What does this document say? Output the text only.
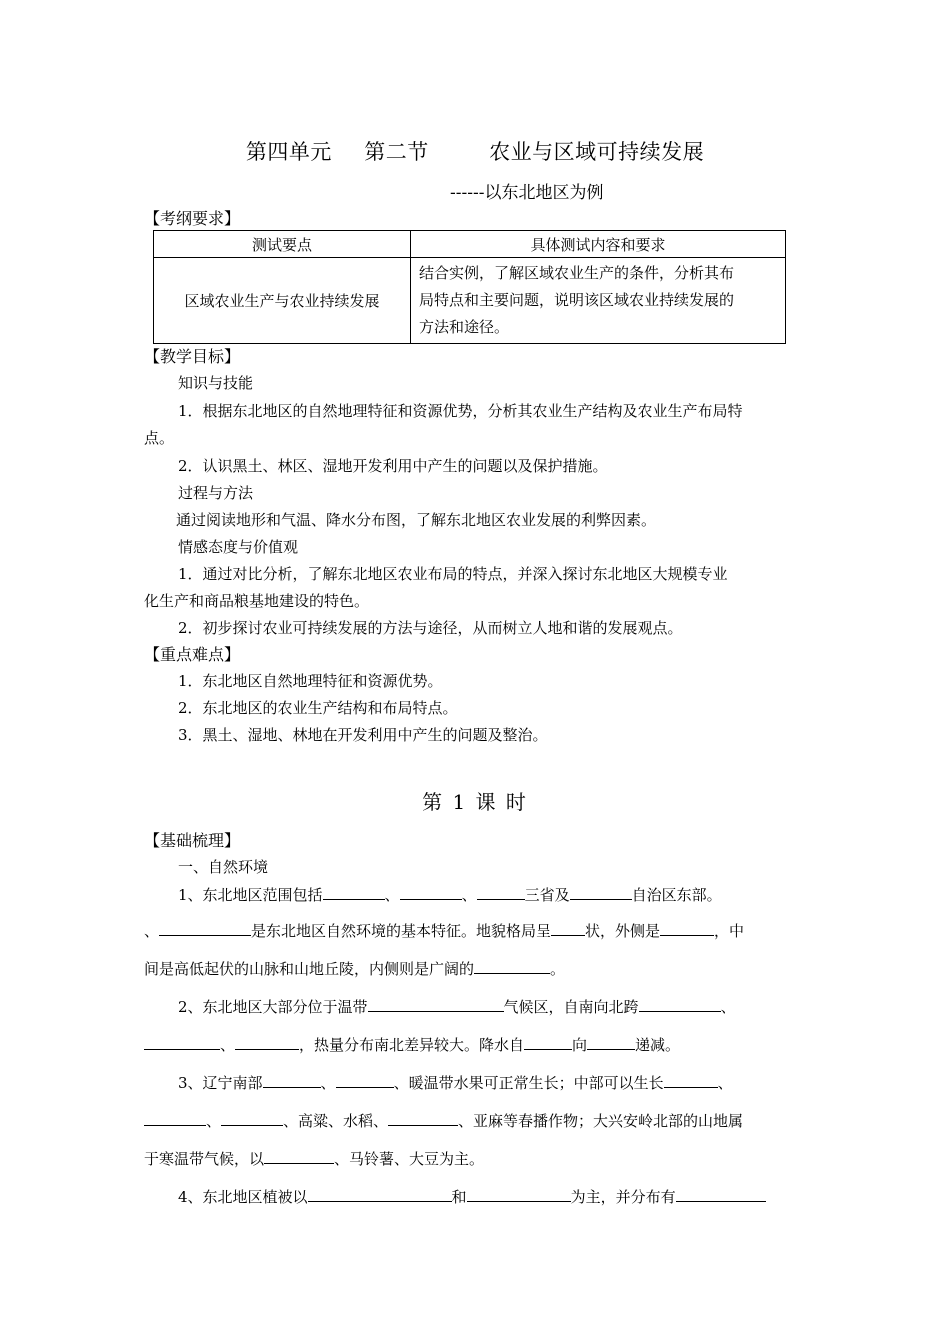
第四单元 第二节	农业与区域可持续发展
------以东北地区为例
【考纲要求】
测试要点	具体测试内容和要求
区域农业生产与农业持续发展	结合实例，了解区域农业生产的条件，分析其布
局特点和主要问题，说明该区域农业持续发展的
方法和途径。
【教学目标】
知识与技能
1．根据东北地区的自然地理特征和资源优势，分析其农业生产结构及农业生产布局特
点。
2．认识黑土、林区、湿地开发利用中产生的问题以及保护措施。
过程与方法
通过阅读地形和气温、降水分布图，了解东北地区农业发展的利弊因素。
情感态度与价值观
1．通过对比分析，了解东北地区农业布局的特点，并深入探讨东北地区大规模专业
化生产和商品粮基地建设的特色。
2．初步探讨农业可持续发展的方法与途径，从而树立人地和谐的发展观点。
【重点难点】
1．东北地区自然地理特征和资源优势。
2．东北地区的农业生产结构和布局特点。
3．黑土、湿地、林地在开发利用中产生的问题及整治。
第 1 课 时
【基础梳理】
一、自然环境
1、东北地区范围包括	、	、	三省及	自治区东部。
、	是东北地区自然环境的基本特征。地貌格局呈 状，外侧是	，中
间是高低起伏的山脉和山地丘陵，内侧则是广阔的	。
2、东北地区大部分位于温带	气候区，自南向北跨	、
、	，热量分布南北差异较大。降水自	向	递减。
3、辽宁南部	、	、暖温带水果可正常生长；中部可以生长	、
、	、高粱、水稻、	、亚麻等春播作物；大兴安岭北部的山地属
于寒温带气候，以	、马铃薯、大豆为主。
4、东北地区植被以	和	为主，并分布有
